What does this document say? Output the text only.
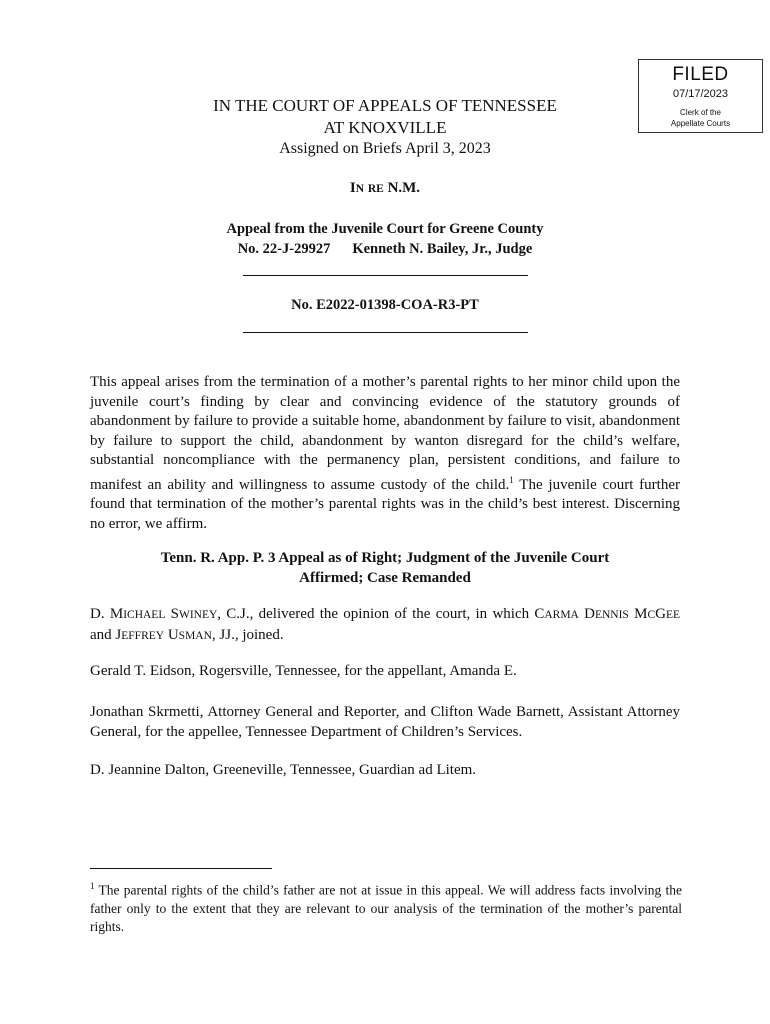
FILED
07/17/2023
Clerk of the
Appellate Courts
IN THE COURT OF APPEALS OF TENNESSEE
AT KNOXVILLE
Assigned on Briefs April 3, 2023
IN RE N.M.
Appeal from the Juvenile Court for Greene County
No. 22-J-29927 Kenneth N. Bailey, Jr., Judge
No. E2022-01398-COA-R3-PT

This appeal arises from the termination of a mother’s parental rights to her minor child upon the juvenile court’s finding by clear and convincing evidence of the statutory grounds of abandonment by failure to provide a suitable home, abandonment by failure to visit, abandonment by failure to support the child, abandonment by wanton disregard for the child’s welfare, substantial noncompliance with the permanency plan, persistent conditions, and failure to manifest an ability and willingness to assume custody of the child.$^1$ The juvenile court further found that termination of the mother’s parental rights was in the child’s best interest. Discerning no error, we affirm.

Tenn. R. App. P. 3 Appeal as of Right; Judgment of the Juvenile Court
Affirmed; Case Remanded

D. MICHAEL SWINEY, C.J., delivered the opinion of the court, in which CARMA DENNIS MCGEE and JEFFREY USMAN, JJ., joined.

Gerald T. Eidson, Rogersville, Tennessee, for the appellant, Amanda E.

Jonathan Skrmetti, Attorney General and Reporter, and Clifton Wade Barnett, Assistant Attorney General, for the appellee, Tennessee Department of Children’s Services.

D. Jeannine Dalton, Greeneville, Tennessee, Guardian ad Litem.

$^1$ The parental rights of the child’s father are not at issue in this appeal. We will address facts involving the father only to the extent that they are relevant to our analysis of the termination of the mother’s parental rights.
